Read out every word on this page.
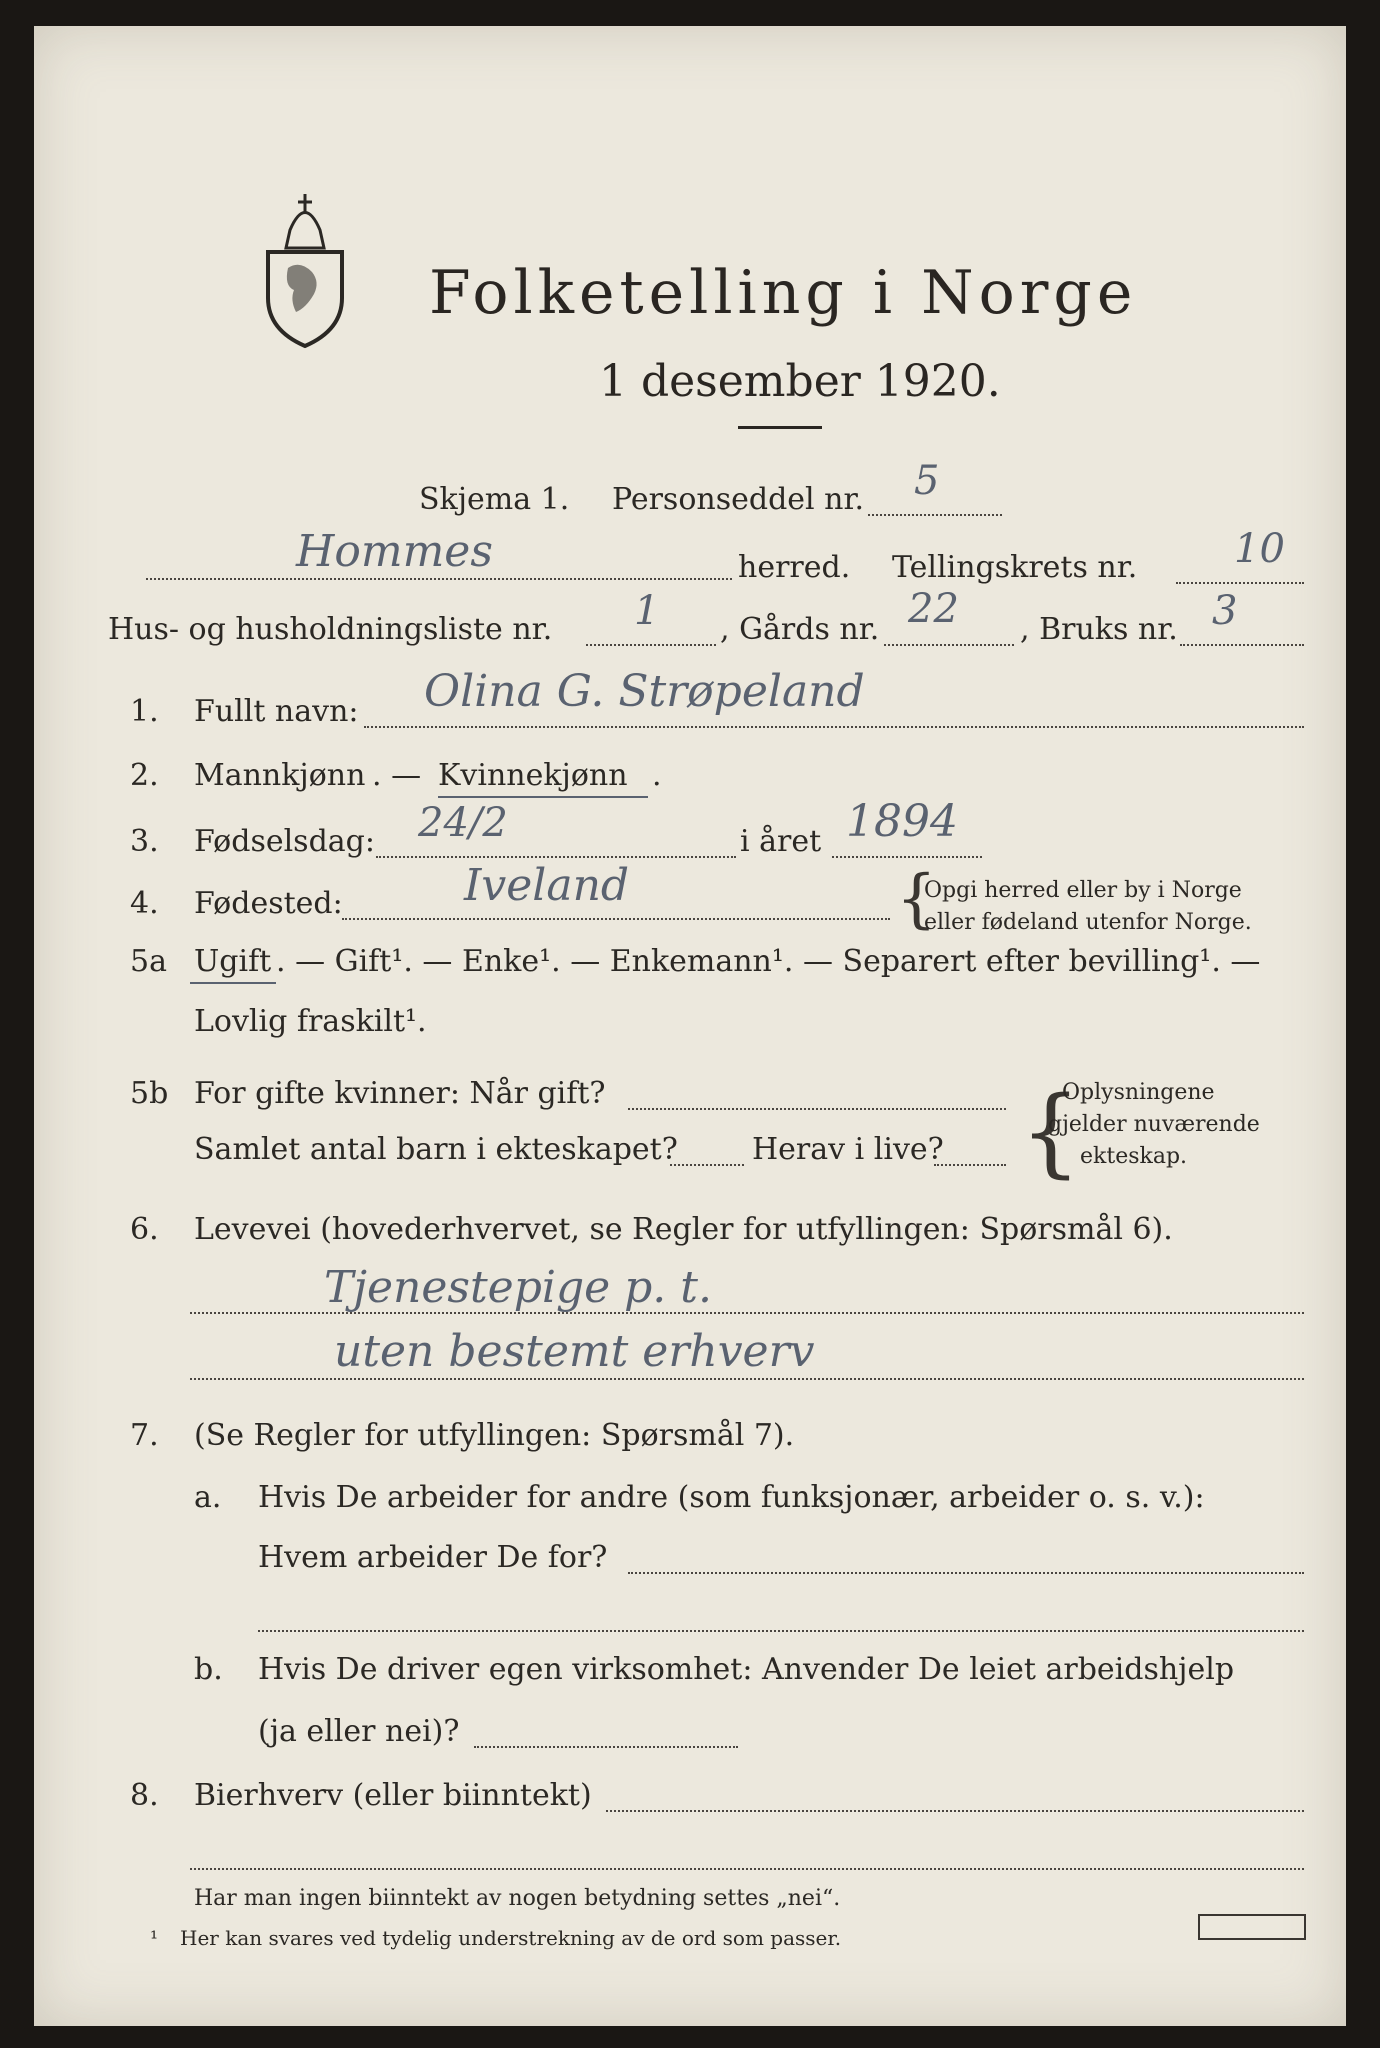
Folketelling i Norge
1 desember 1920.
Skjema 1. Personseddel nr. 5
Hommes	herred. Tellingskrets nr. 10
Hus- og husholdningsliste nr. 1 , Gårds nr. 22 , Bruks nr. 3
1. Fullt navn: Olina G. Strøpeland
2. Mannkjønn . — Kvinnekjønn .
3. Fødselsdag: 24/2	i året 1894
4. Fødested:	Iveland	{
Opgi herred eller by i Norge
eller fødeland utenfor Norge.
5a Ugift . — Gift¹. — Enke¹. — Enkemann¹. — Separert efter bevilling¹. —
Lovlig fraskilt¹.
5b For gifte kvinner: Når gift?
Samlet antal barn i ekteskapet? Herav i live? {
Oplysningene
gjelder nuværende
ekteskap.
6. Levevei (hovederhvervet, se Regler for utfyllingen: Spørsmål 6).
Tjenestepige p. t.
uten bestemt erhverv
7. (Se Regler for utfyllingen: Spørsmål 7).
a. Hvis De arbeider for andre (som funksjonær, arbeider o. s. v.):
Hvem arbeider De for?
b. Hvis De driver egen virksomhet: Anvender De leiet arbeidshjelp
(ja eller nei)?
8. Bierhverv (eller biinntekt)
Har man ingen biinntekt av nogen betydning settes „nei“.
¹ Her kan svares ved tydelig understrekning av de ord som passer.
